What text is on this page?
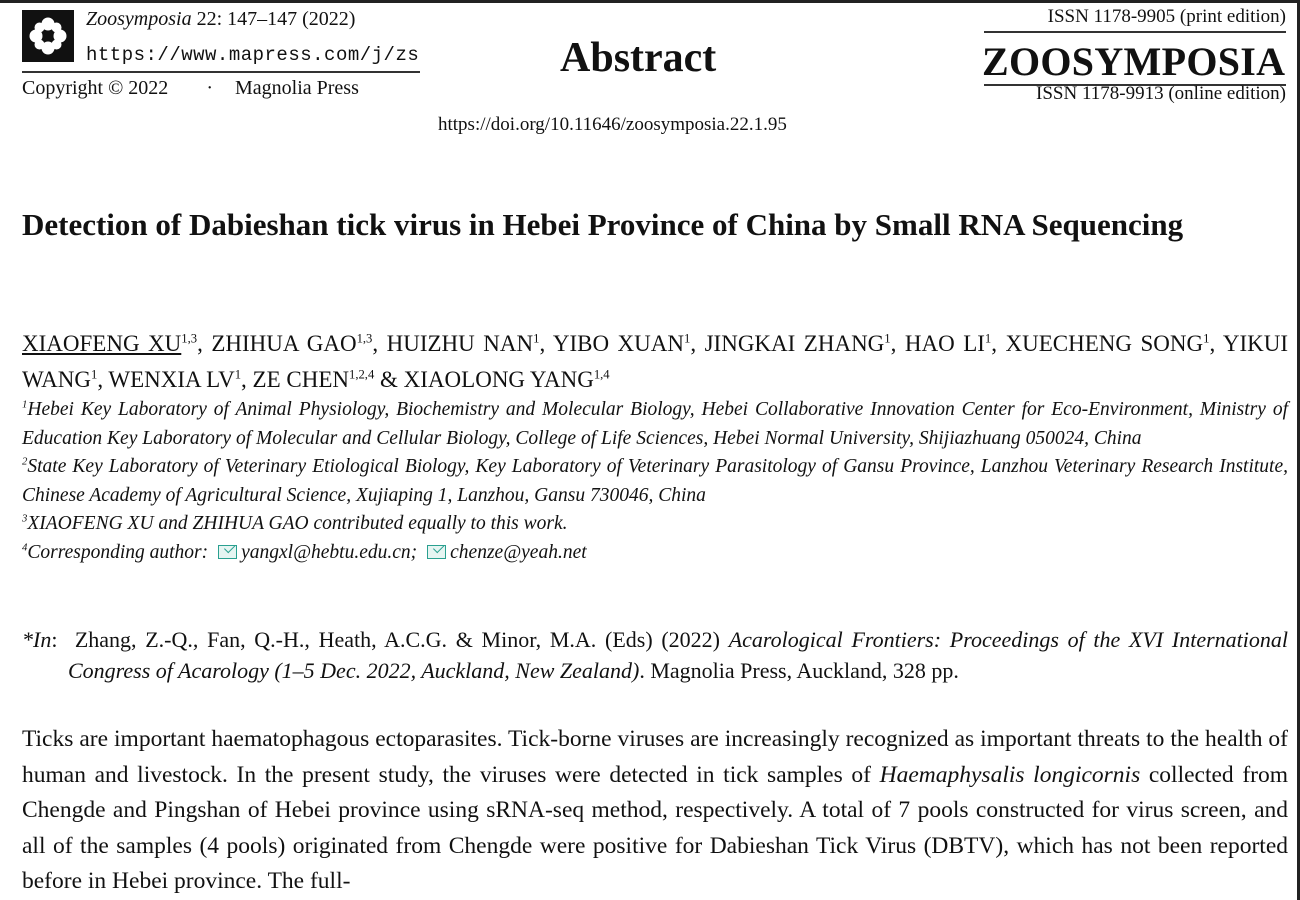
Zoosymposia 22: 147–147 (2022)
https://www.mapress.com/j/zs
Copyright © 2022 · Magnolia Press
Abstract
https://doi.org/10.11646/zoosymposia.22.1.95
ISSN 1178-9905 (print edition)
ZOOSYMPOSIA
ISSN 1178-9913 (online edition)
Detection of Dabieshan tick virus in Hebei Province of China by Small RNA Sequencing
XIAOFENG XU$^{1,3}$, ZHIHUA GAO$^{1,3}$, HUIZHU NAN$^1$, YIBO XUAN$^1$, JINGKAI ZHANG$^1$, HAO $LI^1$, XUECHENG SONG$^1$, YIKUI WANG$^1$, WENXIA $LV^1$, ZE CHEN$^{1,2,4}$ & XIAOLONG YANG$^{1,4}$

$^1$Hebei Key Laboratory of Animal Physiology, Biochemistry and Molecular Biology, Hebei Collaborative Innovation Center for Eco-Environment, Ministry of Education Key Laboratory of Molecular and Cellular Biology, College of Life Sciences, Hebei Normal University, Shijiazhuang 050024, China

$^2$State Key Laboratory of Veterinary Etiological Biology, Key Laboratory of Veterinary Parasitology of Gansu Province, Lanzhou Veterinary Research Institute, Chinese Academy of Agricultural Science, Xujiaping 1, Lanzhou, Gansu 730046, China

$^3$XIAOFENG XU and ZHIHUA GAO contributed equally to this work.

$^4$Corresponding author: yangxl@hebtu.edu.cn; chenze@yeah.net

*In: Zhang, Z.-Q., Fan, Q.-H., Heath, A.C.G. & Minor, M.A. (Eds) (2022) Acarological Frontiers: Proceedings of the XVI International Congress of Acarology (1–5 Dec. 2022, Auckland, New Zealand). Magnolia Press, Auckland, 328 pp.
Ticks are important haematophagous ectoparasites. Tick-borne viruses are increasingly recognized as important threats to the health of human and livestock. In the present study, the viruses were detected in tick samples of Haemaphysalis longicornis collected from Chengde and Pingshan of Hebei province using sRNA-seq method, respectively. A total of 7 pools constructed for virus screen, and all of the samples (4 pools) originated from Chengde were positive for Dabieshan Tick Virus (DBTV), which has not been reported before in Hebei province. The full-
